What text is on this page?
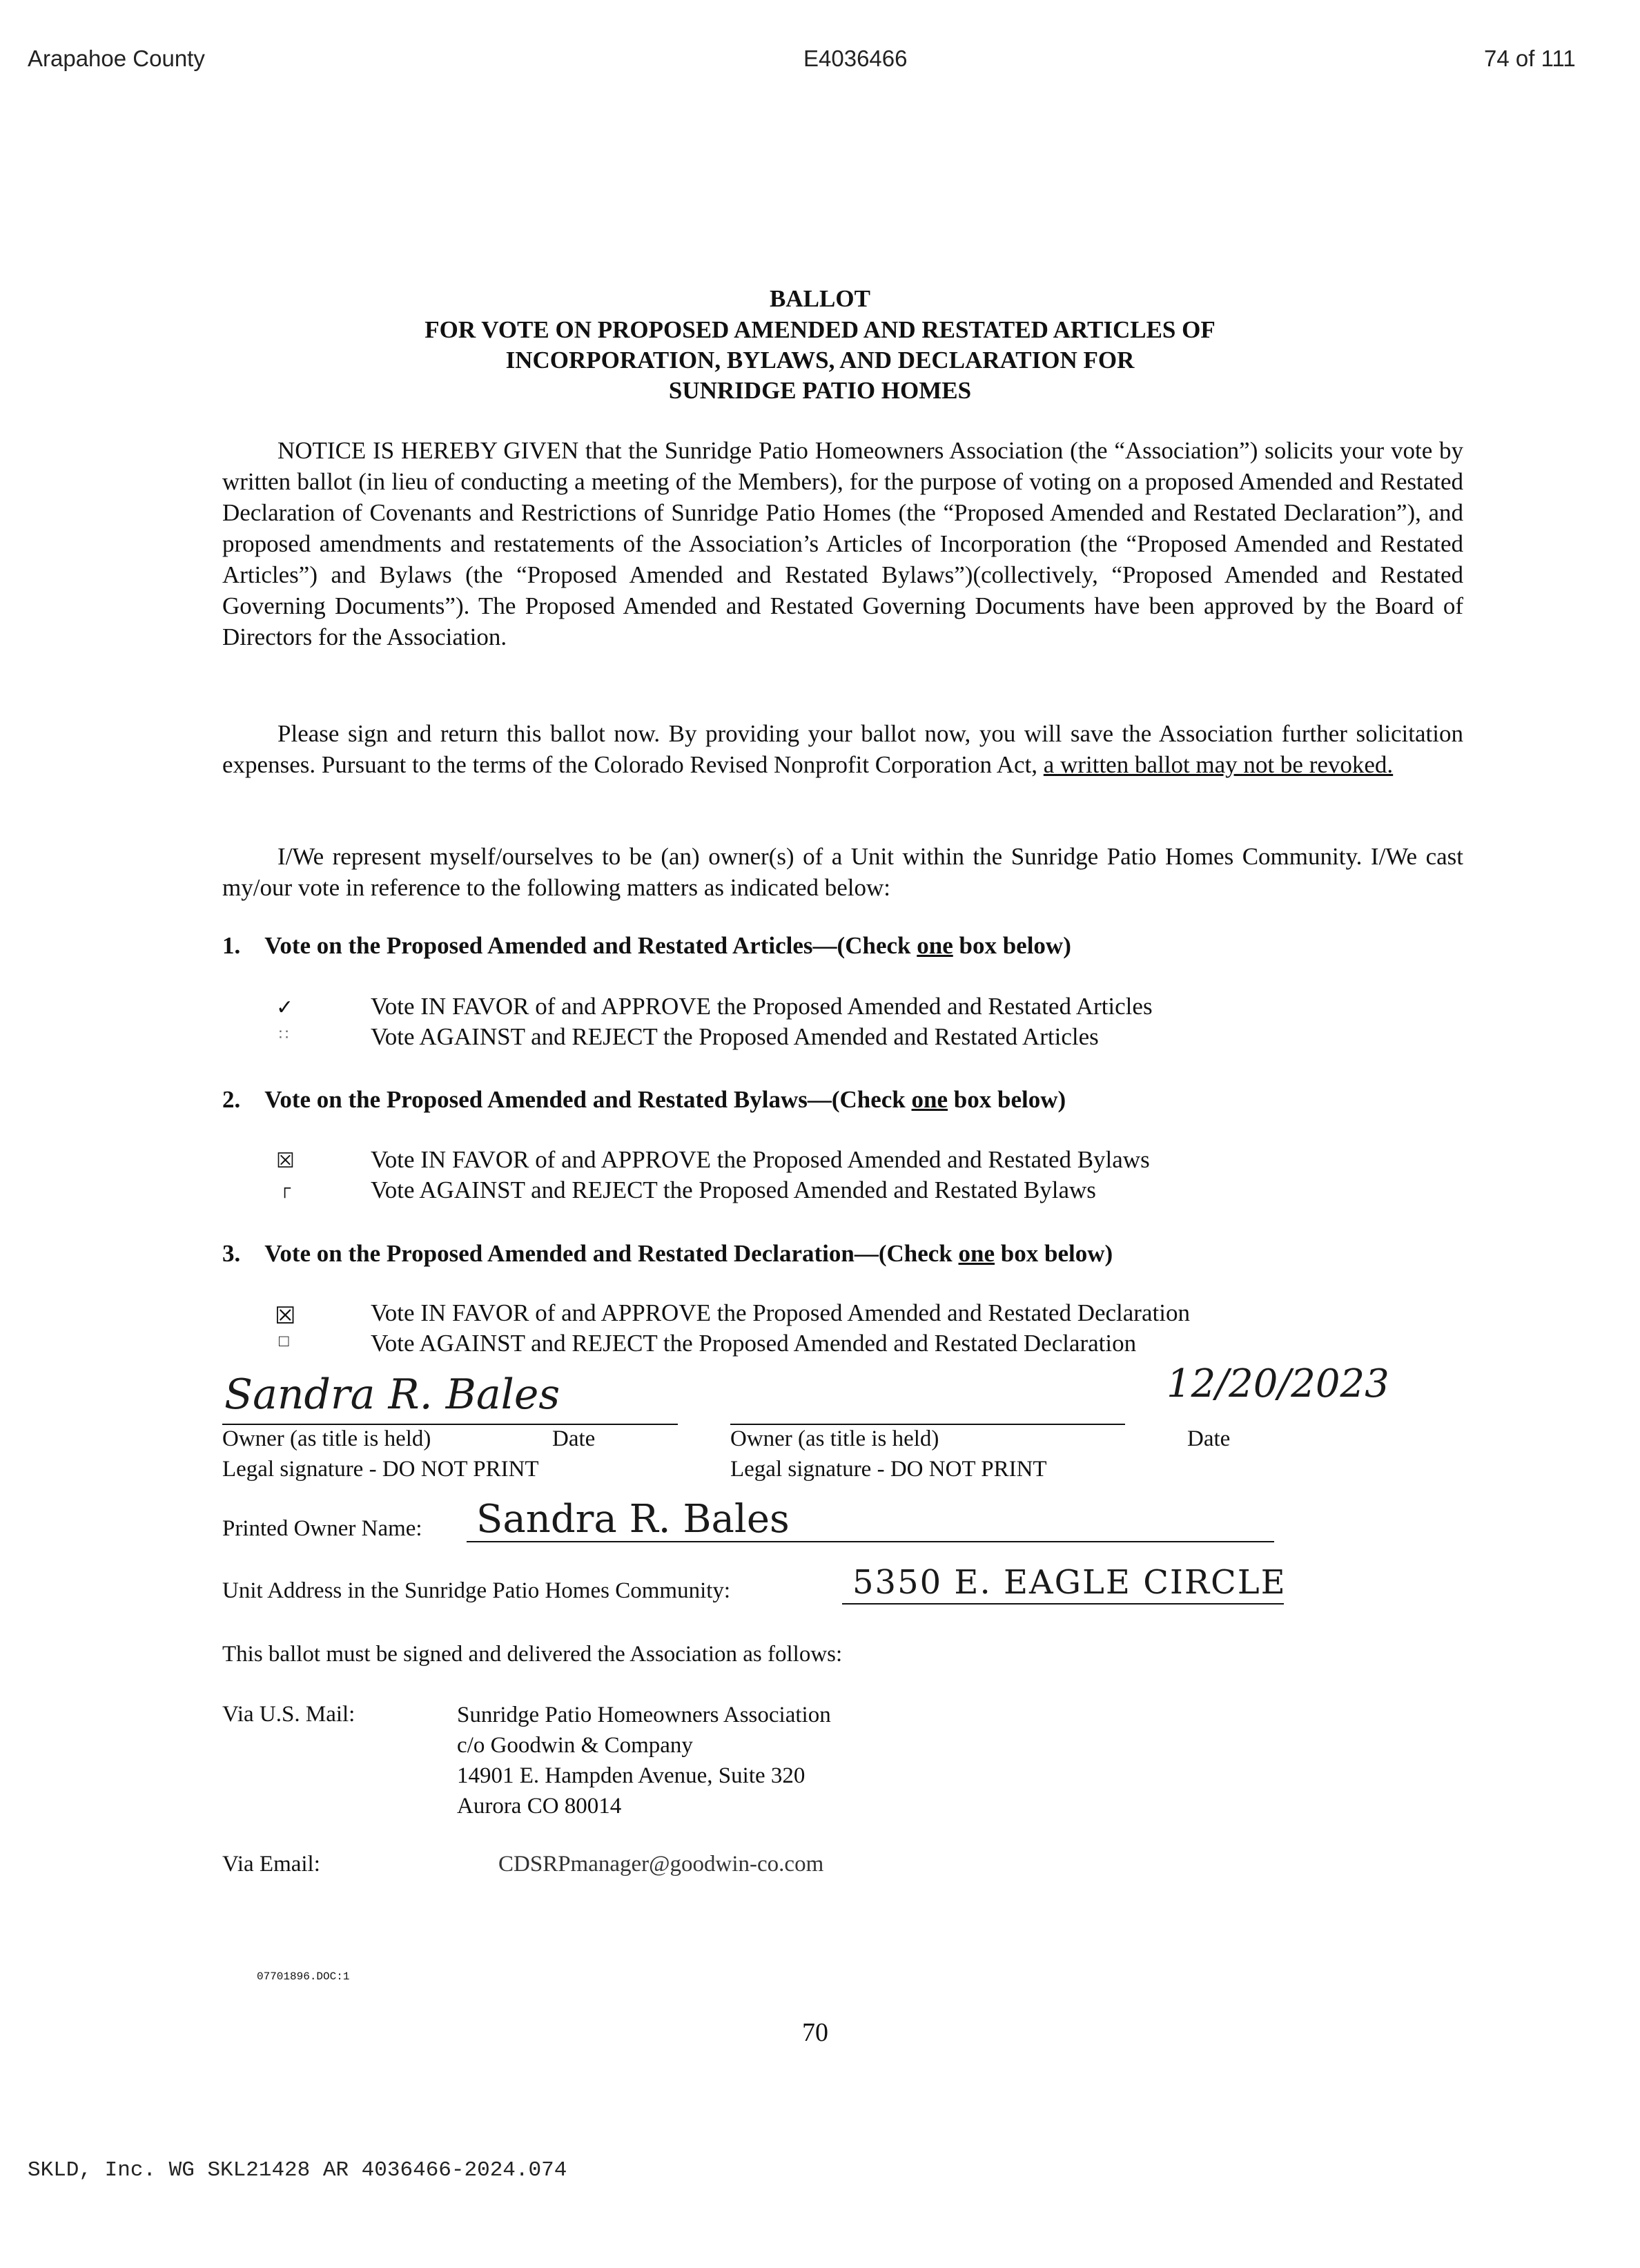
Arapahoe County	E4036466	74 of 111
BALLOT
FOR VOTE ON PROPOSED AMENDED AND RESTATED ARTICLES OF
INCORPORATION, BYLAWS, AND DECLARATION FOR
SUNRIDGE PATIO HOMES
NOTICE IS HEREBY GIVEN that the Sunridge Patio Homeowners Association (the “Association”) solicits your vote by written ballot (in lieu of conducting a meeting of the Members), for the purpose of voting on a proposed Amended and Restated Declaration of Covenants and Restrictions of Sunridge Patio Homes (the “Proposed Amended and Restated Declaration”), and proposed amendments and restatements of the Association’s Articles of Incorporation (the “Proposed Amended and Restated Articles”) and Bylaws (the “Proposed Amended and Restated Bylaws”)(collectively, “Proposed Amended and Restated Governing Documents”). The Proposed Amended and Restated Governing Documents have been approved by the Board of Directors for the Association.
Please sign and return this ballot now. By providing your ballot now, you will save the Association further solicitation expenses. Pursuant to the terms of the Colorado Revised Nonprofit Corporation Act, a written ballot may not be revoked.
I/We represent myself/ourselves to be (an) owner(s) of a Unit within the Sunridge Patio Homes Community. I/We cast my/our vote in reference to the following matters as indicated below:
1. Vote on the Proposed Amended and Restated Articles—(Check one box below)
✓	Vote IN FAVOR of and APPROVE the Proposed Amended and Restated Articles
∷	Vote AGAINST and REJECT the Proposed Amended and Restated Articles
2. Vote on the Proposed Amended and Restated Bylaws—(Check one box below)
☒	Vote IN FAVOR of and APPROVE the Proposed Amended and Restated Bylaws
┌	Vote AGAINST and REJECT the Proposed Amended and Restated Bylaws
3. Vote on the Proposed Amended and Restated Declaration—(Check one box below)
☒	Vote IN FAVOR of and APPROVE the Proposed Amended and Restated Declaration
□	Vote AGAINST and REJECT the Proposed Amended and Restated Declaration
Sandra R. Bales	12/20/2023
Owner (as title is held)	Date	Owner (as title is held)	Date
Legal signature - DO NOT PRINT	Legal signature - DO NOT PRINT
Printed Owner Name: Sandra R. Bales
Unit Address in the Sunridge Patio Homes Community:	5350 E. EAGLE CIRCLE
This ballot must be signed and delivered the Association as follows:
Via U.S. Mail:	Sunridge Patio Homeowners Association
c/o Goodwin & Company
14901 E. Hampden Avenue, Suite 320
Aurora CO 80014
Via Email:	CDSRPmanager@goodwin-co.com
07701896.DOC:1
70
SKLD, Inc. WG SKL21428 AR 4036466-2024.074
